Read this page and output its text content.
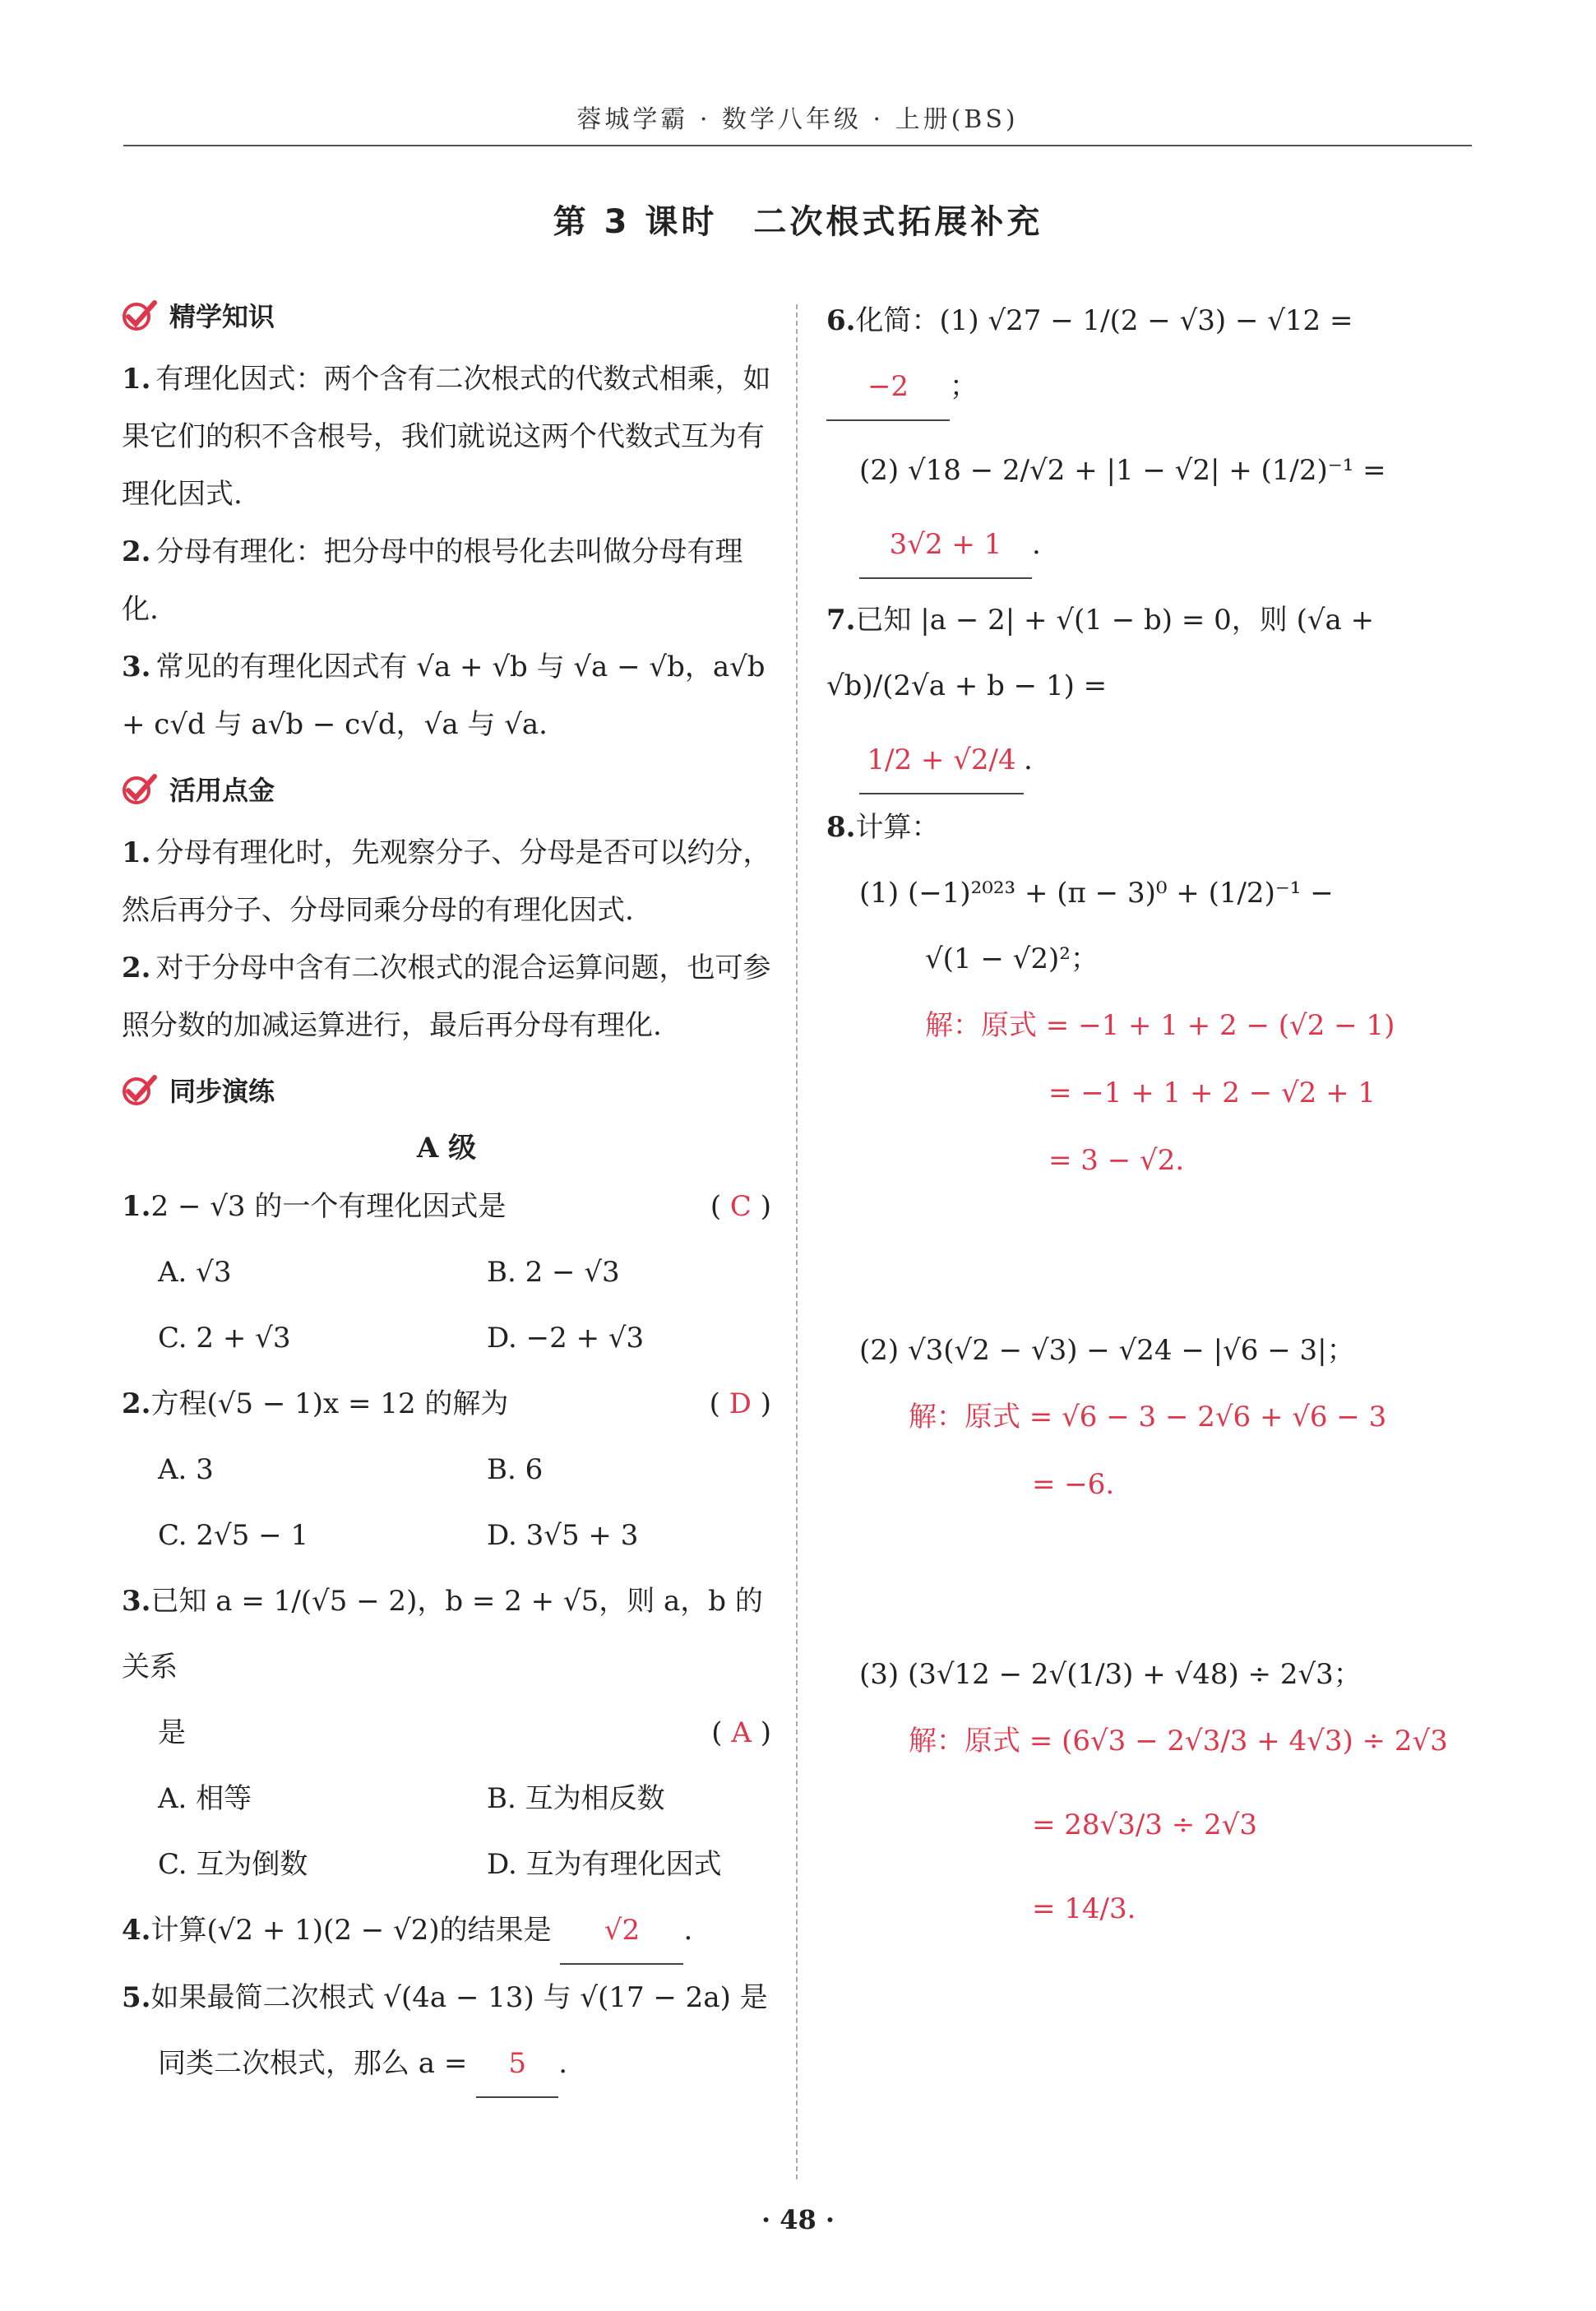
蓉城学霸 · 数学八年级 · 上册(BS)
第 3 课时　二次根式拓展补充
精学知识

1. 有理化因式：两个含有二次根式的代数式相乘，如果它们的积不含根号，我们就说这两个代数式互为有理化因式.

2. 分母有理化：把分母中的根号化去叫做分母有理化.

3. 常见的有理化因式有 √a + √b 与 √a − √b，a√b + c√d 与 a√b − c√d，√a 与 √a.

活用点金

1. 分母有理化时，先观察分子、分母是否可以约分，然后再分子、分母同乘分母的有理化因式.

2. 对于分母中含有二次根式的混合运算问题，也可参照分数的加减运算进行，最后再分母有理化.

同步演练
A 级
1.2 − √3 的一个有理化因式是	( C )
A. √3	B. 2 − √3
C. 2 + √3	D. −2 + √3
2.方程(√5 − 1)x = 12 的解为	( D )
A. 3	B. 6
C. 2√5 − 1	D. 3√5 + 3
3.已知 a = 1/(√5 − 2)，b = 2 + √5，则 a，b 的关系
是	( A )
A. 相等	B. 互为相反数
C. 互为倒数	D. 互为有理化因式
4.计算(√2 + 1)(2 − √2)的结果是 √2 .
5.如果最简二次根式 √(4a − 13) 与 √(17 − 2a) 是
同类二次根式，那么 a = 5 .
6.化简：(1) √27 − 1/(2 − √3) − √12 = −2 ；
(2) √18 − 2/√2 + |1 − √2| + (1/2)⁻¹ =
3√2 + 1 .
7.已知 |a − 2| + √(1 − b) = 0，则 (√a + √b)/(2√a + b − 1) =
1/2 + √2/4 .
8.计算：
(1) (−1)²⁰²³ + (π − 3)⁰ + (1/2)⁻¹ −
√(1 − √2)²；
解：原式 = −1 + 1 + 2 − (√2 − 1)
= −1 + 1 + 2 − √2 + 1
= 3 − √2.
(2) √3(√2 − √3) − √24 − |√6 − 3|；
解：原式 = √6 − 3 − 2√6 + √6 − 3
= −6.
(3) (3√12 − 2√(1/3) + √48) ÷ 2√3；
解：原式 = (6√3 − 2√3/3 + 4√3) ÷ 2√3
= 28√3/3 ÷ 2√3
= 14/3.
· 48 ·
